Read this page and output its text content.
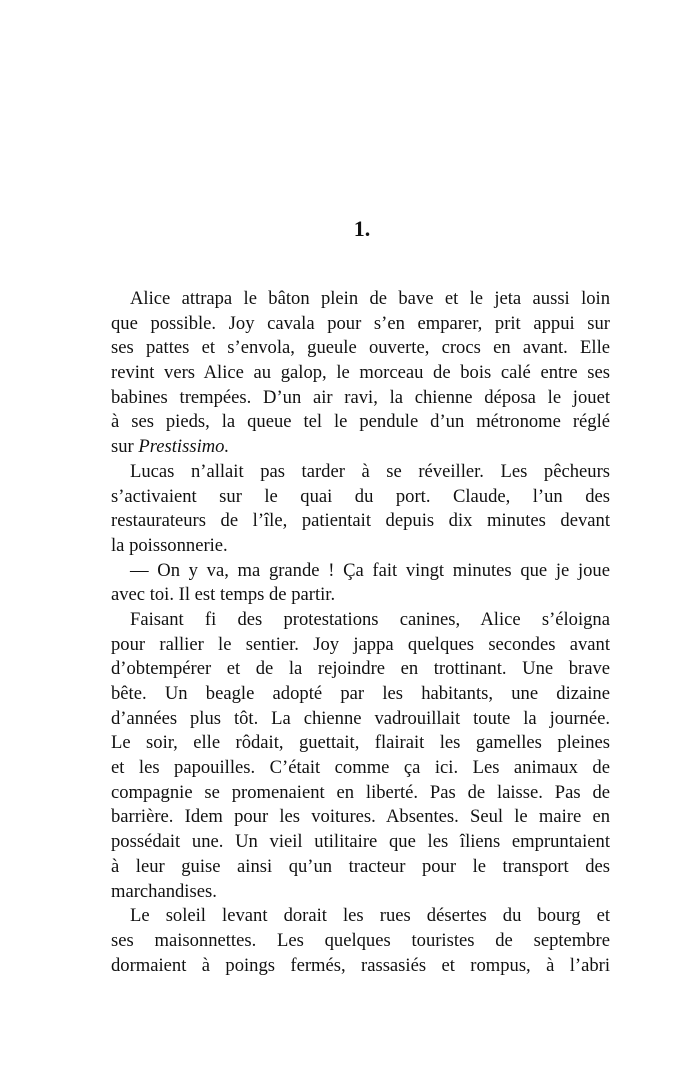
1.
Alice attrapa le bâton plein de bave et le jeta aussi loin
que possible. Joy cavala pour s’en emparer, prit appui sur
ses pattes et s’envola, gueule ouverte, crocs en avant. Elle
revint vers Alice au galop, le morceau de bois calé entre ses
babines trempées. D’un air ravi, la chienne déposa le jouet
à ses pieds, la queue tel le pendule d’un métronome réglé
sur Prestissimo.
Lucas n’allait pas tarder à se réveiller. Les pêcheurs
s’activaient sur le quai du port. Claude, l’un des
restaurateurs de l’île, patientait depuis dix minutes devant
la poissonnerie.
— On y va, ma grande ! Ça fait vingt minutes que je joue
avec toi. Il est temps de partir.
Faisant fi des protestations canines, Alice s’éloigna
pour rallier le sentier. Joy jappa quelques secondes avant
d’obtempérer et de la rejoindre en trottinant. Une brave
bête. Un beagle adopté par les habitants, une dizaine
d’années plus tôt. La chienne vadrouillait toute la journée.
Le soir, elle rôdait, guettait, flairait les gamelles pleines
et les papouilles. C’était comme ça ici. Les animaux de
compagnie se promenaient en liberté. Pas de laisse. Pas de
barrière. Idem pour les voitures. Absentes. Seul le maire en
possédait une. Un vieil utilitaire que les îliens empruntaient
à leur guise ainsi qu’un tracteur pour le transport des
marchandises.
Le soleil levant dorait les rues désertes du bourg et
ses maisonnettes. Les quelques touristes de septembre
dormaient à poings fermés, rassasiés et rompus, à l’abri
